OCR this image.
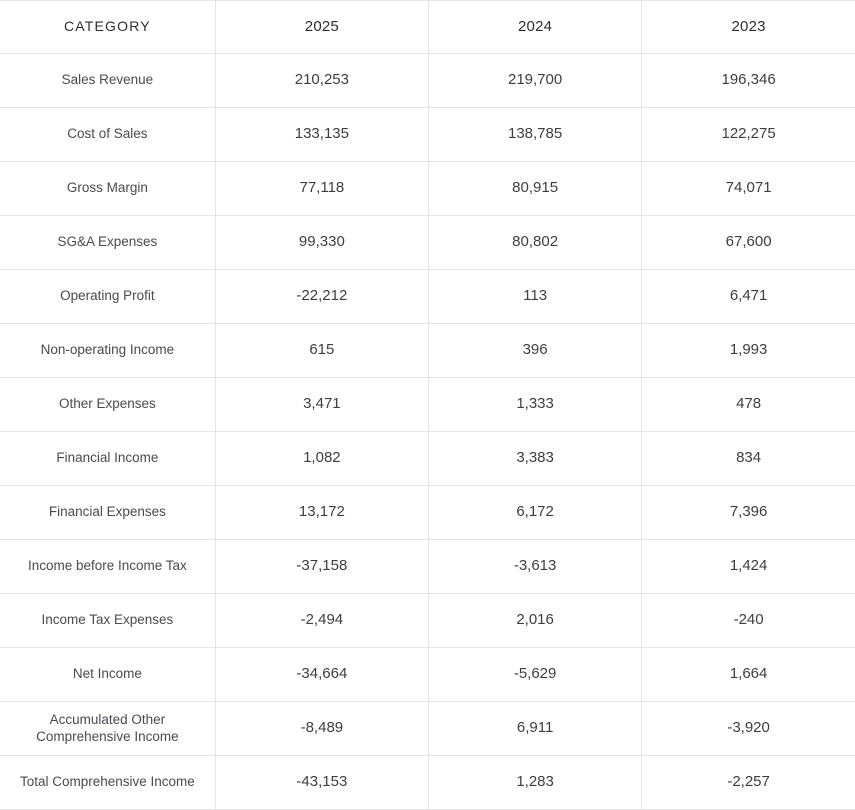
CATEGORY	2025	2024	2023
Sales Revenue	210,253	219,700	196,346
Cost of Sales	133,135	138,785	122,275
Gross Margin	77,118	80,915	74,071
SG&A Expenses	99,330	80,802	67,600
Operating Profit	-22,212	113	6,471
Non-operating Income	615	396	1,993
Other Expenses	3,471	1,333	478
Financial Income	1,082	3,383	834
Financial Expenses	13,172	6,172	7,396
Income before Income Tax	-37,158	-3,613	1,424
Income Tax Expenses	-2,494	2,016	-240
Net Income	-34,664	-5,629	1,664
Accumulated Other Comprehensive Income	-8,489	6,911	-3,920
Total Comprehensive Income	-43,153	1,283	-2,257
